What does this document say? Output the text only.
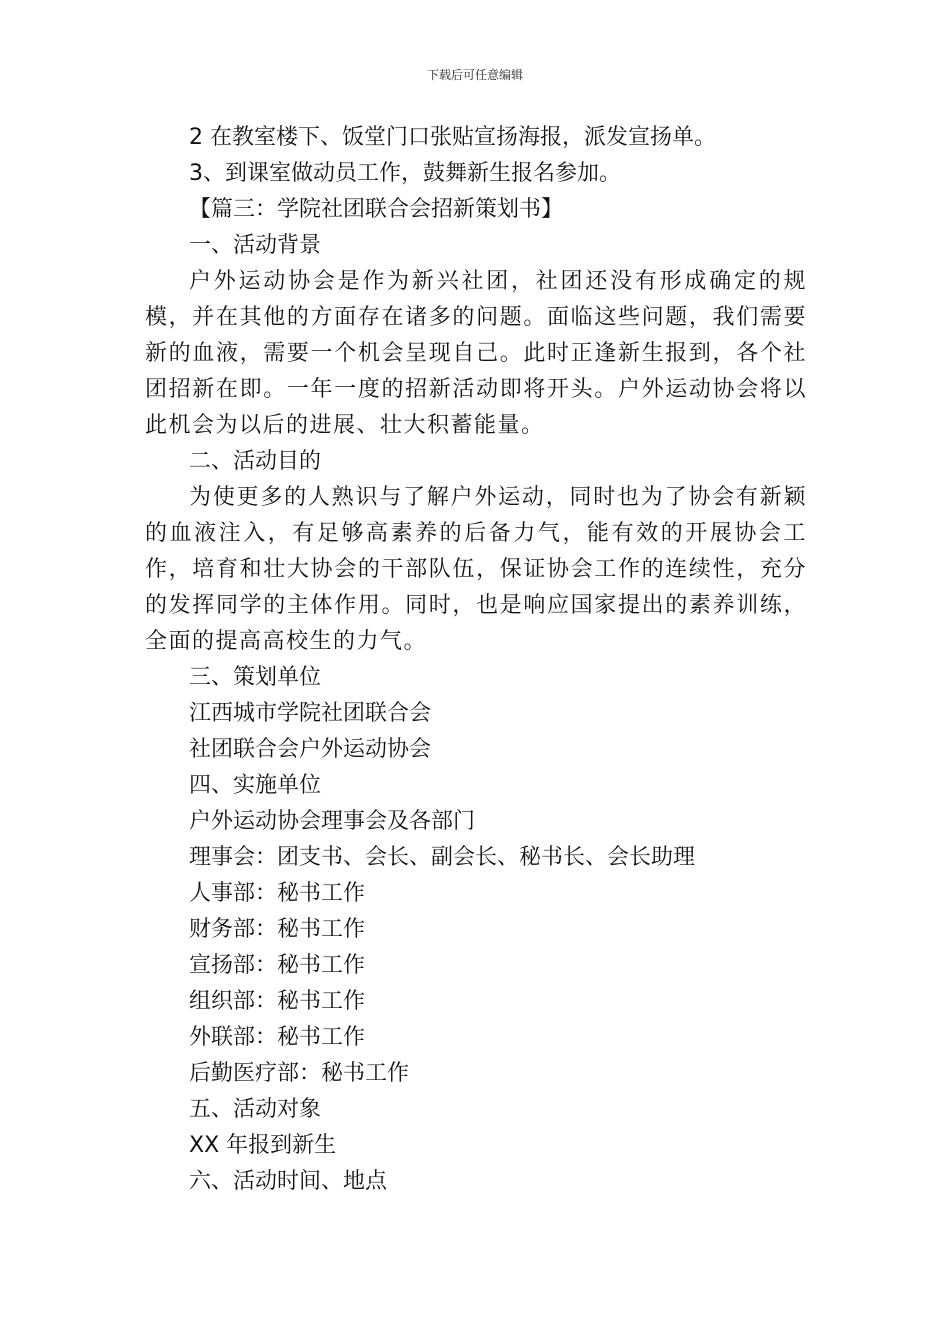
下载后可任意编辑
2 在教室楼下、饭堂门口张贴宣扬海报，派发宣扬单。
3、到课室做动员工作，鼓舞新生报名参加。
【篇三：学院社团联合会招新策划书】
一、活动背景
户外运动协会是作为新兴社团，社团还没有形成确定的规模，并在其他的方面存在诸多的问题。面临这些问题，我们需要新的血液，需要一个机会呈现自己。此时正逢新生报到，各个社团招新在即。一年一度的招新活动即将开头。户外运动协会将以此机会为以后的进展、壮大积蓄能量。
二、活动目的
为使更多的人熟识与了解户外运动，同时也为了协会有新颖的血液注入，有足够高素养的后备力气，能有效的开展协会工作，培育和壮大协会的干部队伍，保证协会工作的连续性，充分的发挥同学的主体作用。同时，也是响应国家提出的素养训练，全面的提高高校生的力气。
三、策划单位
江西城市学院社团联合会
社团联合会户外运动协会
四、实施单位
户外运动协会理事会及各部门
理事会：团支书、会长、副会长、秘书长、会长助理
人事部：秘书工作
财务部：秘书工作
宣扬部：秘书工作
组织部：秘书工作
外联部：秘书工作
后勤医疗部：秘书工作
五、活动对象
XX 年报到新生
六、活动时间、地点
